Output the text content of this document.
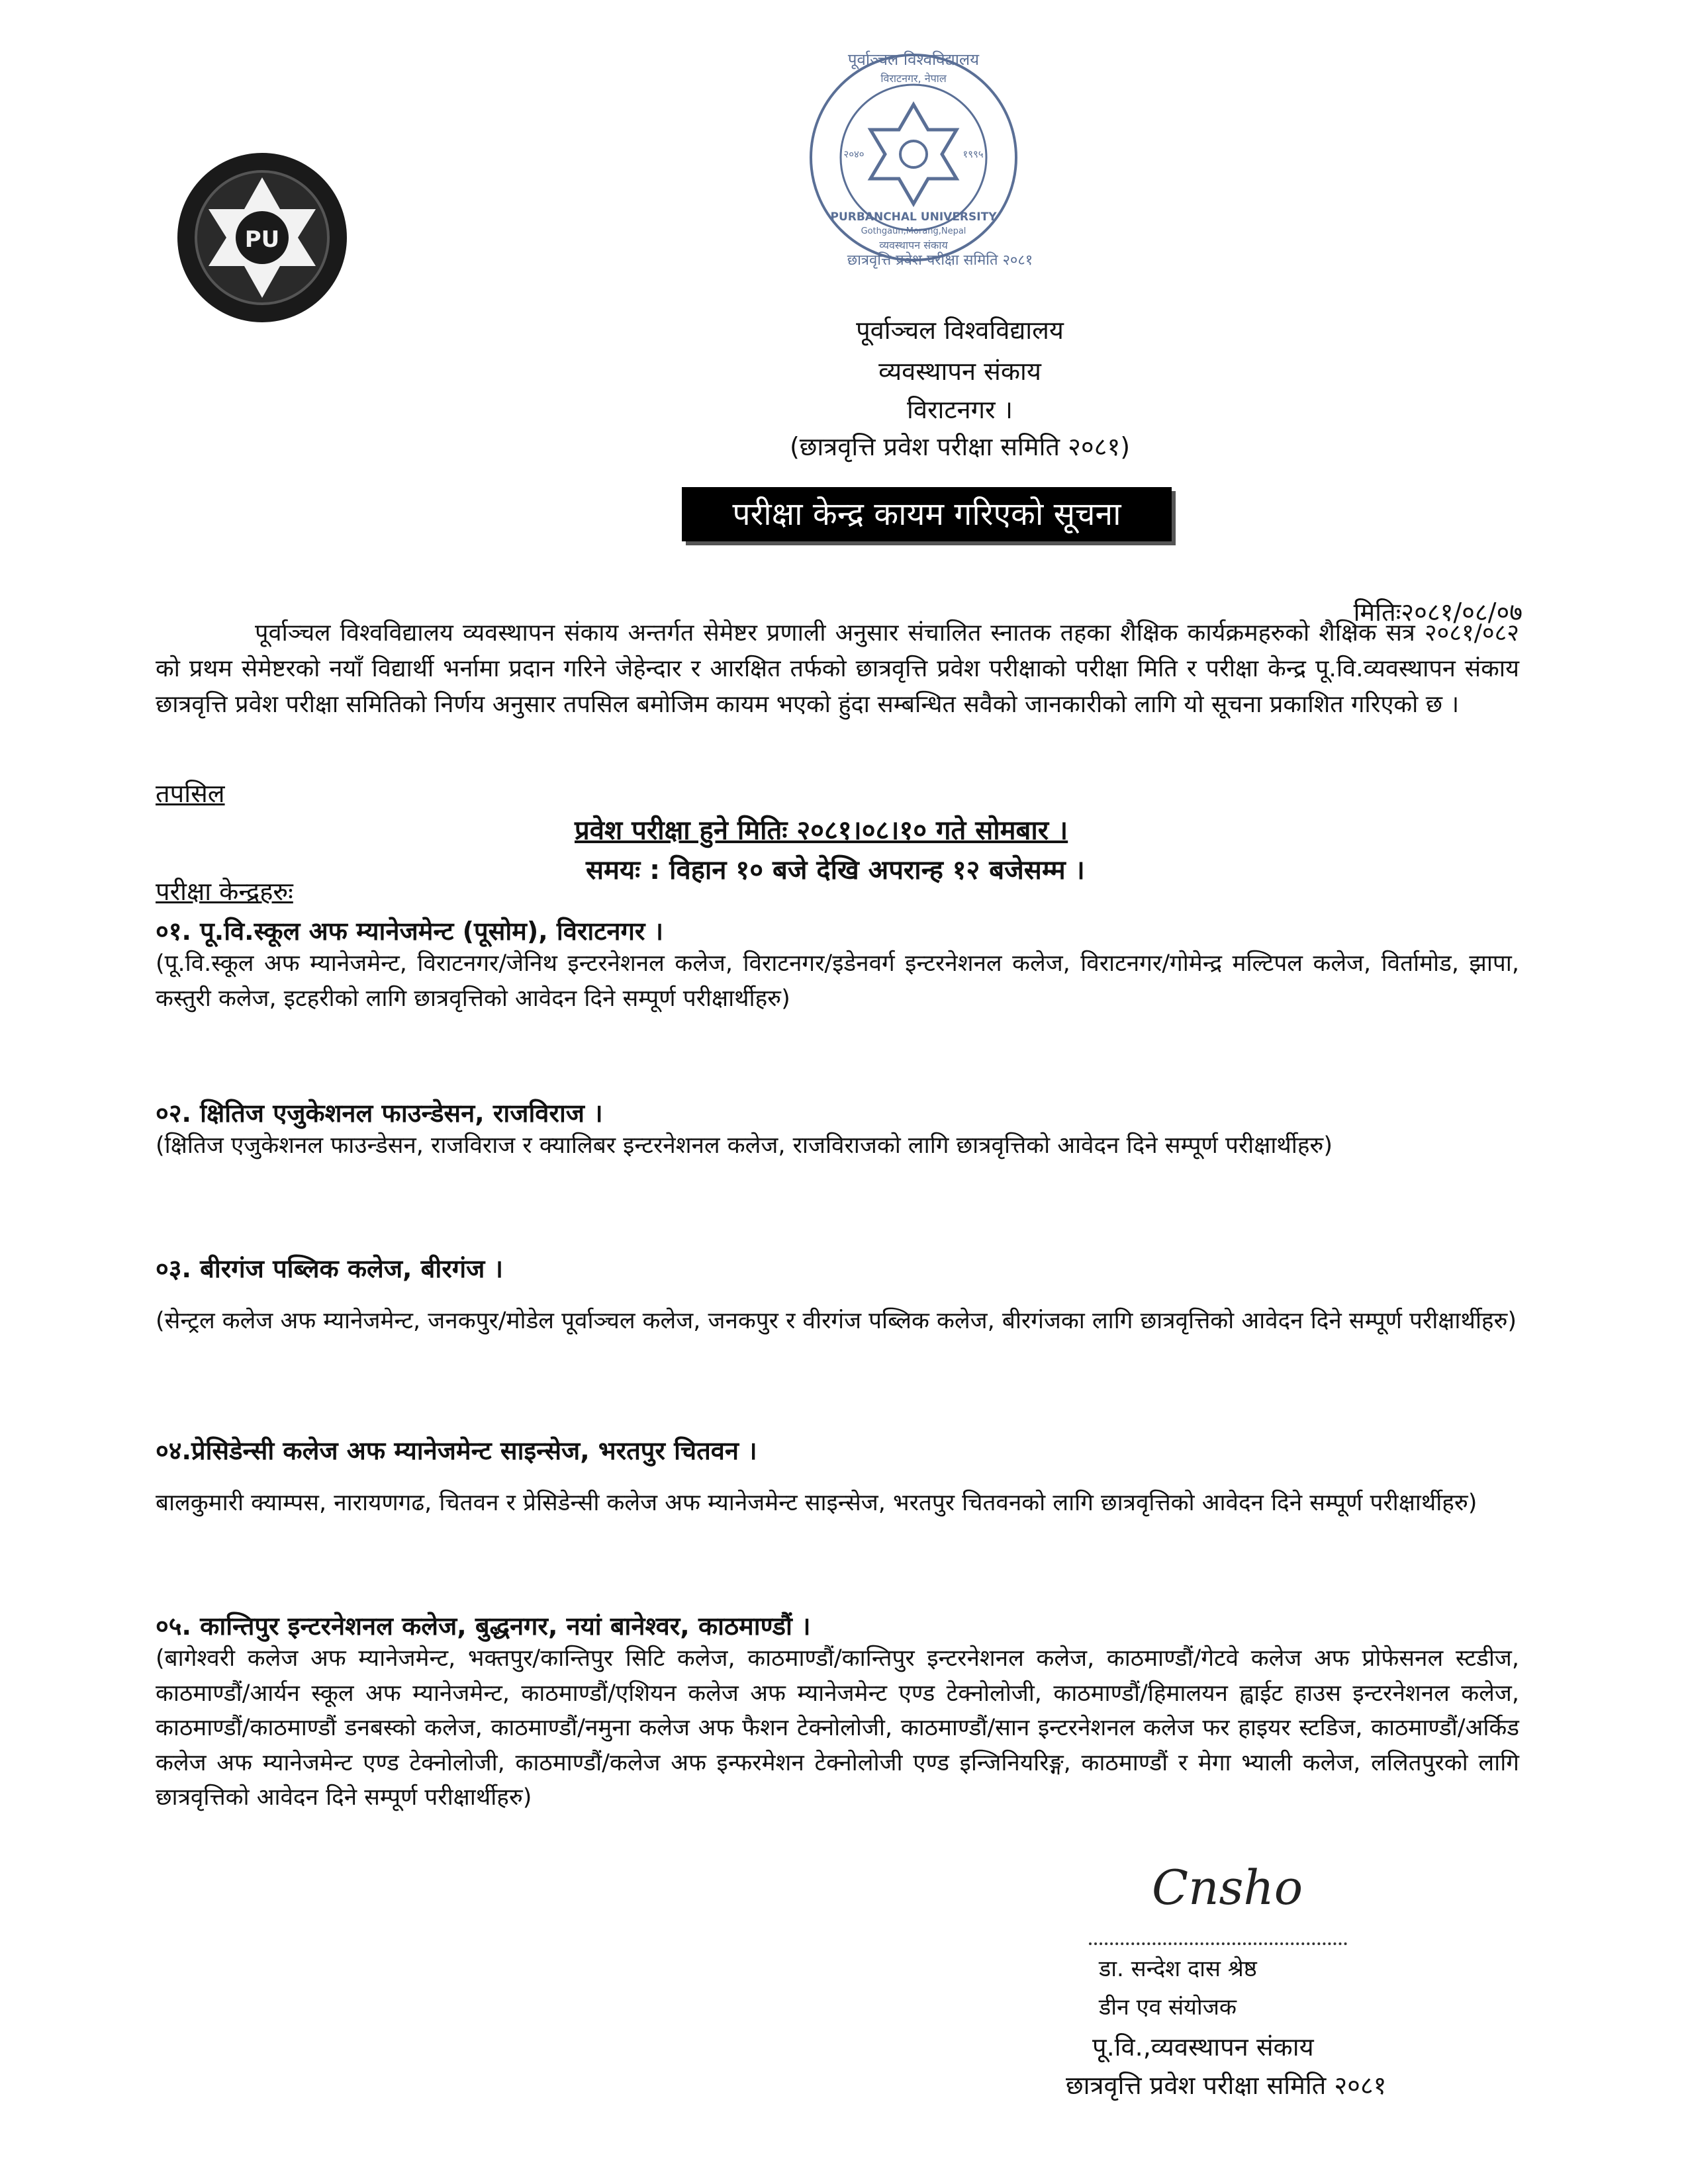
PU
पूर्वाञ्चल विश्वविद्यालय
विराटनगर, नेपाल
२०४०	१९९५
PURBANCHAL UNIVERSITY
Gothgaun,Morang,Nepal
व्यवस्थापन संकाय
छात्रवृत्ति प्रवेश परीक्षा समिति २०८१
पूर्वाञ्चल विश्वविद्यालय
व्यवस्थापन संकाय
विराटनगर ।
(छात्रवृत्ति प्रवेश परीक्षा समिति २०८१)
परीक्षा केन्द्र कायम गरिएको सूचना
मितिः२०८१/०८/०७
पूर्वाञ्चल विश्वविद्यालय व्यवस्थापन संकाय अन्तर्गत सेमेष्टर प्रणाली अनुसार संचालित स्नातक तहका शैक्षिक कार्यक्रमहरुको शैक्षिक सत्र २०८१/०८२ को प्रथम सेमेष्टरको नयाँ विद्यार्थी भर्नामा प्रदान गरिने जेहेन्दार र आरक्षित तर्फको छात्रवृत्ति प्रवेश परीक्षाको परीक्षा मिति र परीक्षा केन्द्र पू.वि.व्यवस्थापन संकाय छात्रवृत्ति प्रवेश परीक्षा समितिको निर्णय अनुसार तपसिल बमोजिम कायम भएको हुंदा सम्बन्धित सवैको जानकारीको लागि यो सूचना प्रकाशित गरिएको छ ।
तपसिल
प्रवेश परीक्षा हुने मितिः २०८१।०८।१० गते सोमबार ।
समयः : विहान १० बजे देखि अपरान्ह १२ बजेसम्म ।
परीक्षा केन्द्रहरुः
०१. पू.वि.स्कूल अफ म्यानेजमेन्ट (पूसोम), विराटनगर ।
(पू.वि.स्कूल अफ म्यानेजमेन्ट, विराटनगर/जेनिथ इन्टरनेशनल कलेज, विराटनगर/इडेनवर्ग इन्टरनेशनल कलेज, विराटनगर/गोमेन्द्र मल्टिपल कलेज, विर्तामोड, झापा, कस्तुरी कलेज, इटहरीको लागि छात्रवृत्तिको आवेदन दिने सम्पूर्ण परीक्षार्थीहरु)
०२. क्षितिज एजुकेशनल फाउन्डेसन, राजविराज ।
(क्षितिज एजुकेशनल फाउन्डेसन, राजविराज र क्यालिबर इन्टरनेशनल कलेज, राजविराजको लागि छात्रवृत्तिको आवेदन दिने सम्पूर्ण परीक्षार्थीहरु)
०३. बीरगंज पब्लिक कलेज, बीरगंज ।
(सेन्ट्रल कलेज अफ म्यानेजमेन्ट, जनकपुर/मोडेल पूर्वाञ्चल कलेज, जनकपुर र वीरगंज पब्लिक कलेज, बीरगंजका लागि छात्रवृत्तिको आवेदन दिने सम्पूर्ण परीक्षार्थीहरु)
०४.प्रेसिडेन्सी कलेज अफ म्यानेजमेन्ट साइन्सेज, भरतपुर चितवन ।
बालकुमारी क्याम्पस, नारायणगढ, चितवन र प्रेसिडेन्सी कलेज अफ म्यानेजमेन्ट साइन्सेज, भरतपुर चितवनको लागि छात्रवृत्तिको आवेदन दिने सम्पूर्ण परीक्षार्थीहरु)
०५. कान्तिपुर इन्टरनेशनल कलेज, बुद्धनगर, नयां बानेश्वर, काठमाण्डौं ।
(बागेश्वरी कलेज अफ म्यानेजमेन्ट, भक्तपुर/कान्तिपुर सिटि कलेज, काठमाण्डौं/कान्तिपुर इन्टरनेशनल कलेज, काठमाण्डौं/गेटवे कलेज अफ प्रोफेसनल स्टडीज, काठमाण्डौं/आर्यन स्कूल अफ म्यानेजमेन्ट, काठमाण्डौं/एशियन कलेज अफ म्यानेजमेन्ट एण्ड टेक्नोलोजी, काठमाण्डौं/हिमालयन ह्वाईट हाउस इन्टरनेशनल कलेज, काठमाण्डौं/काठमाण्डौं डनबस्को कलेज, काठमाण्डौं/नमुना कलेज अफ फैशन टेक्नोलोजी, काठमाण्डौं/सान इन्टरनेशनल कलेज फर हाइयर स्टडिज, काठमाण्डौं/अर्किड कलेज अफ म्यानेजमेन्ट एण्ड टेक्नोलोजी, काठमाण्डौं/कलेज अफ इन्फरमेशन टेक्नोलोजी एण्ड इन्जिनियरिङ्ग, काठमाण्डौं र मेगा भ्याली कलेज, ललितपुरको लागि छात्रवृत्तिको आवेदन दिने सम्पूर्ण परीक्षार्थीहरु)
Cnsho
डा. सन्देश दास श्रेष्ठ
डीन एव संयोजक
पू.वि.,व्यवस्थापन संकाय
छात्रवृत्ति प्रवेश परीक्षा समिति २०८१
